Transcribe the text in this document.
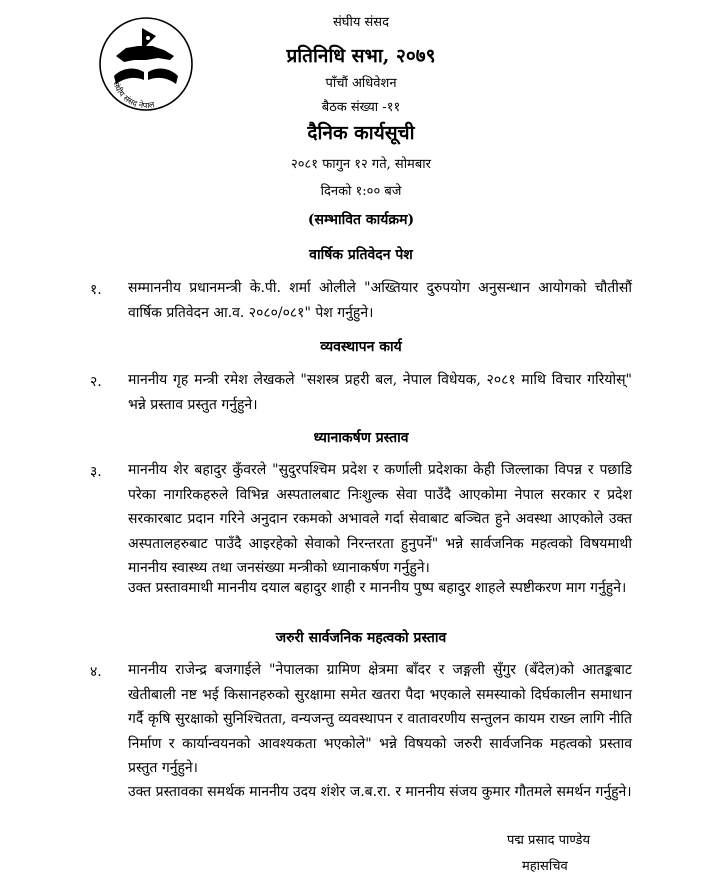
संघीय संसद नेपाल
संघीय संसद
प्रतिनिधि सभा, २०७९
पाँचौं अधिवेशन
बैठक संख्या -११
दैनिक कार्यसूची
२०८१ फागुन १२ गते, सोमबार
दिनको १:०० बजे
(सम्भावित कार्यक्रम)
वार्षिक प्रतिवेदन पेश
१. सम्माननीय प्रधानमन्त्री के.पी. शर्मा ओलीले "अख्तियार दुरुपयोग अनुसन्धान आयोगको चौतीसौं वार्षिक प्रतिवेदन आ.व. २०८०/०८१" पेश गर्नुहुने।
व्यवस्थापन कार्य
२. माननीय गृह मन्त्री रमेश लेखकले "सशस्त्र प्रहरी बल, नेपाल विधेयक, २०८१ माथि विचार गरियोस्" भन्ने प्रस्ताव प्रस्तुत गर्नुहुने।
ध्यानाकर्षण प्रस्ताव
३. माननीय शेर बहादुर कुँवरले "सुदुरपश्चिम प्रदेश र कर्णाली प्रदेशका केही जिल्लाका विपन्न र पछाडि परेका नागरिकहरुले विभिन्न अस्पतालबाट निःशुल्क सेवा पाउँदै आएकोमा नेपाल सरकार र प्रदेश सरकारबाट प्रदान गरिने अनुदान रकमको अभावले गर्दा सेवाबाट बञ्चित हुने अवस्था आएकोले उक्त अस्पतालहरुबाट पाउँदै आइरहेको सेवाको निरन्तरता हुनुपर्ने" भन्ने सार्वजनिक महत्वको विषयमाथी माननीय स्वास्थ्य तथा जनसंख्या मन्त्रीको ध्यानाकर्षण गर्नुहुने।
उक्त प्रस्तावमाथी माननीय दयाल बहादुर शाही र माननीय पुष्प बहादुर शाहले स्पष्टीकरण माग गर्नुहुने।
जरुरी सार्वजनिक महत्वको प्रस्ताव
४. माननीय राजेन्द्र बजगाईले "नेपालका ग्रामिण क्षेत्रमा बाँदर र जङ्गली सुँगुर (बँदेल)को आतङ्कबाट खेतीबाली नष्ट भई किसानहरुको सुरक्षामा समेत खतरा पैदा भएकाले समस्याको दिर्घकालीन समाधान गर्दै कृषि सुरक्षाको सुनिश्चितता, वन्यजन्तु व्यवस्थापन र वातावरणीय सन्तुलन कायम राख्न लागि नीति निर्माण र कार्यान्वयनको आवश्यकता भएकोले" भन्ने विषयको जरुरी सार्वजनिक महत्वको प्रस्ताव प्रस्तुत गर्नुहुने।
उक्त प्रस्तावका समर्थक माननीय उदय शंशेर ज.ब.रा. र माननीय संजय कुमार गौतमले समर्थन गर्नुहुने।
पद्म प्रसाद पाण्डेय
महासचिव
